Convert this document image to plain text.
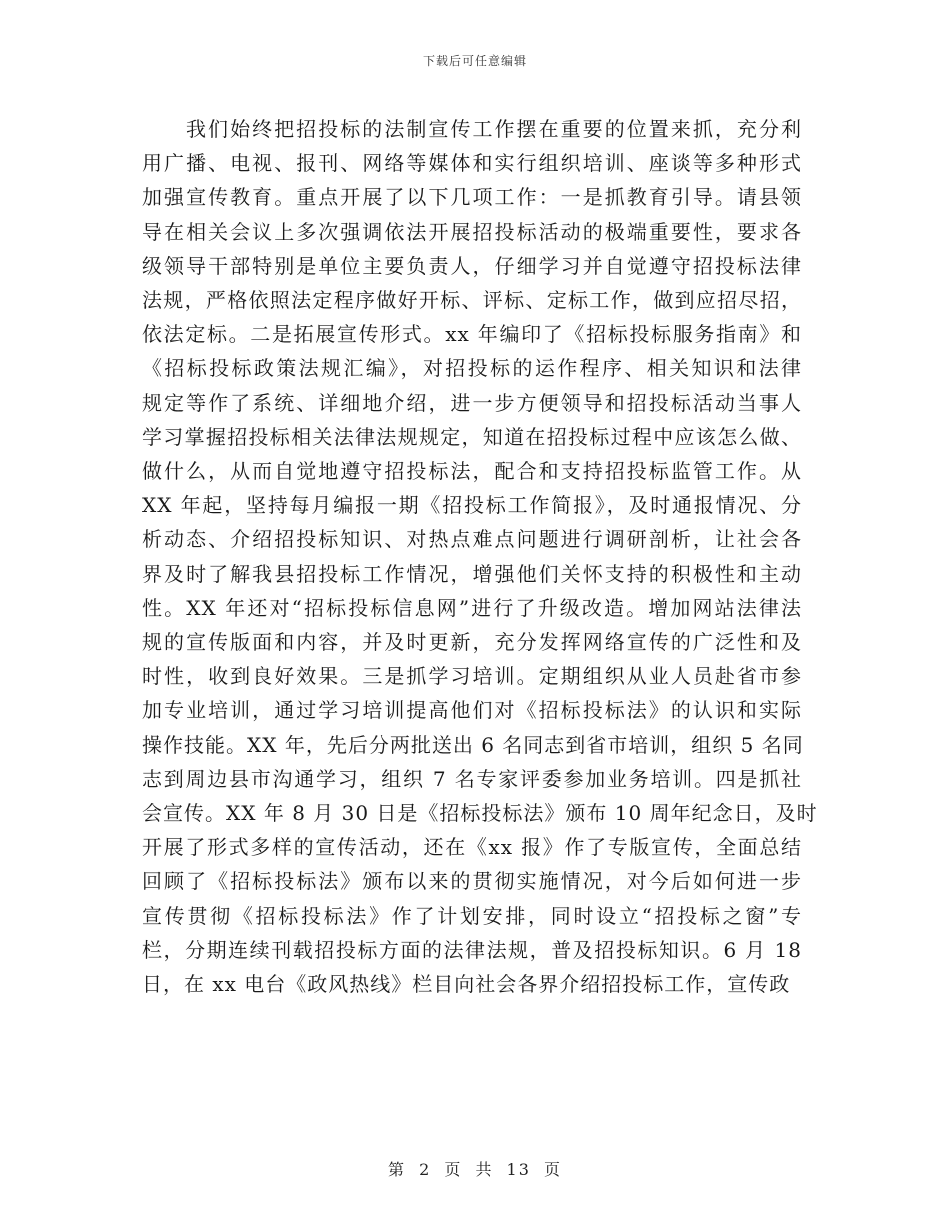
下载后可任意编辑
我们始终把招投标的法制宣传工作摆在重要的位置来抓，充分利
用广播、电视、报刊、网络等媒体和实行组织培训、座谈等多种形式
加强宣传教育。重点开展了以下几项工作：一是抓教育引导。请县领
导在相关会议上多次强调依法开展招投标活动的极端重要性，要求各
级领导干部特别是单位主要负责人，仔细学习并自觉遵守招投标法律
法规，严格依照法定程序做好开标、评标、定标工作，做到应招尽招，
依法定标。二是拓展宣传形式。xx 年编印了《招标投标服务指南》和
《招标投标政策法规汇编》，对招投标的运作程序、相关知识和法律
规定等作了系统、详细地介绍，进一步方便领导和招投标活动当事人
学习掌握招投标相关法律法规规定，知道在招投标过程中应该怎么做、
做什么，从而自觉地遵守招投标法，配合和支持招投标监管工作。从
XX 年起，坚持每月编报一期《招投标工作简报》，及时通报情况、分
析动态、介绍招投标知识、对热点难点问题进行调研剖析，让社会各
界及时了解我县招投标工作情况，增强他们关怀支持的积极性和主动
性。XX 年还对“招标投标信息网”进行了升级改造。增加网站法律法
规的宣传版面和内容，并及时更新，充分发挥网络宣传的广泛性和及
时性，收到良好效果。三是抓学习培训。定期组织从业人员赴省市参
加专业培训，通过学习培训提高他们对《招标投标法》的认识和实际
操作技能。XX 年，先后分两批送出 6 名同志到省市培训，组织 5 名同
志到周边县市沟通学习，组织 7 名专家评委参加业务培训。四是抓社
会宣传。XX 年 8 月 30 日是《招标投标法》颁布 10 周年纪念日，及时
开展了形式多样的宣传活动，还在《xx 报》作了专版宣传，全面总结
回顾了《招标投标法》颁布以来的贯彻实施情况，对今后如何进一步
宣传贯彻《招标投标法》作了计划安排，同时设立“招投标之窗”专
栏，分期连续刊载招投标方面的法律法规，普及招投标知识。6 月 18
日，在 xx 电台《政风热线》栏目向社会各界介绍招投标工作，宣传政
第 2 页 共 13 页
